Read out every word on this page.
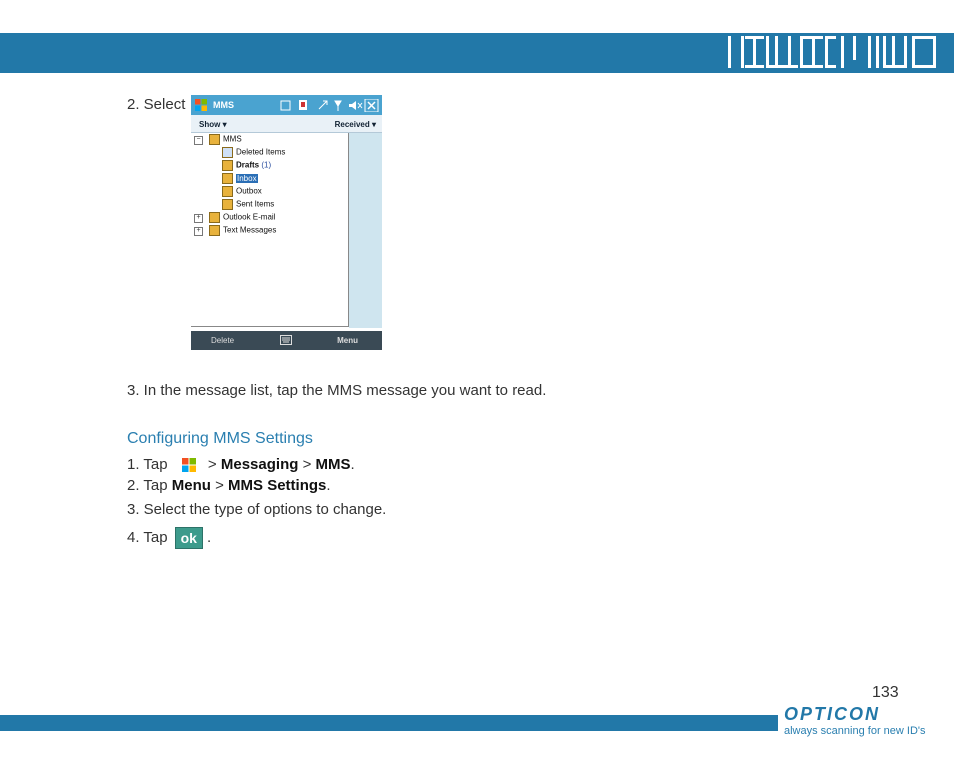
2. Select	MMS
Show ▾	Received ▾
−	MMS
Deleted Items
Drafts (1)
Inbox
Outbox
Sent Items
+	Outlook E-mail
+	Text Messages
Delete	Menu
3. In the message list, tap the MMS message you want to read.
Configuring MMS Settings
1. Tap  > Messaging > MMS.
2. Tap Menu > MMS Settings.
3. Select the type of options to change.
4. Tap ok .
133
OPTICON
always scanning for new ID's
